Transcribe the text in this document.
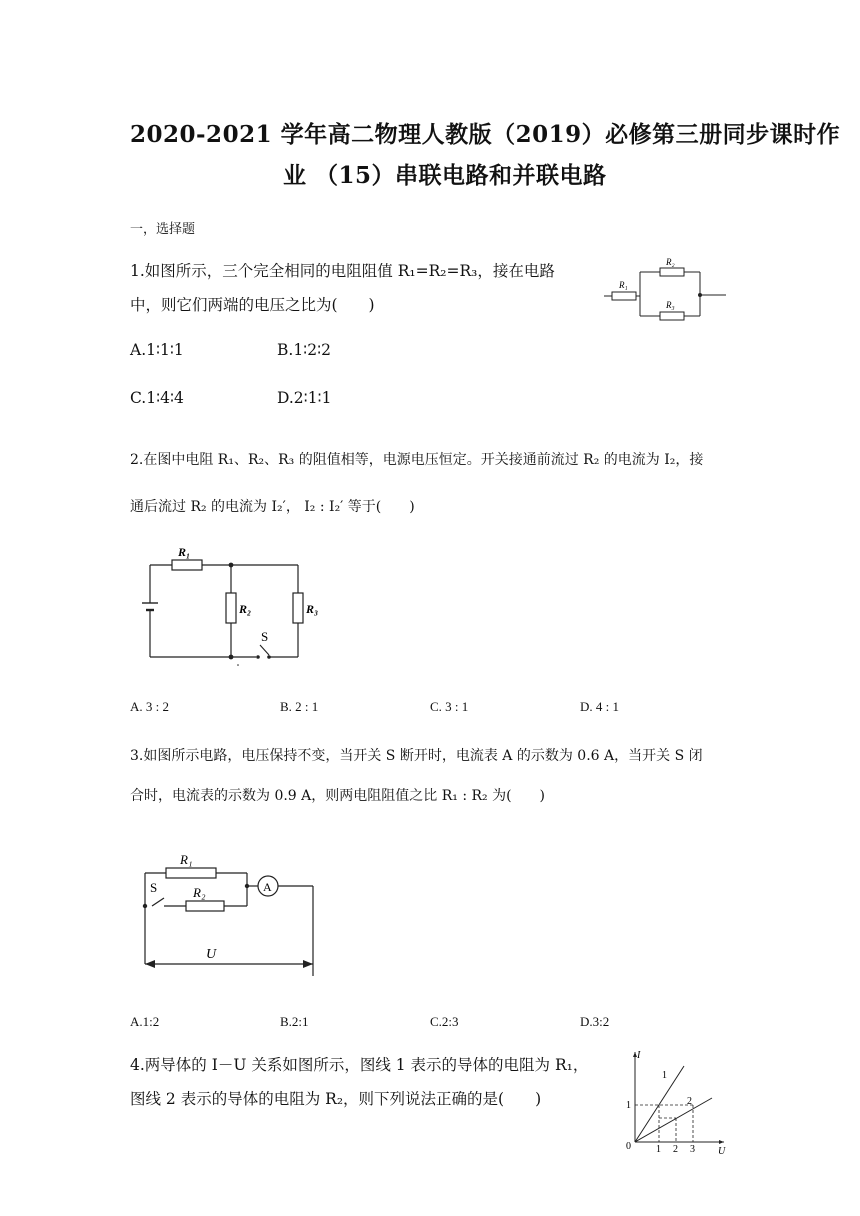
2020-2021 学年高二物理人教版（2019）必修第三册同步课时作
业 （15）串联电路和并联电路
一，选择题
1.如图所示，三个完全相同的电阻阻值 R₁=R₂=R₃，接在电路
中，则它们两端的电压之比为(　　)
R₁
R₂
R₃
A.1∶1∶1	B.1∶2∶2
C.1∶4∶4	D.2∶1∶1
2.在图中电阻 R₁、R₂、R₃ 的阻值相等，电源电压恒定。开关接通前流过 R₂ 的电流为 I₂，接
通后流过 R₂ 的电流为 I₂′， I₂ : I₂′ 等于(　　)
R₁
R₂	R₃
S
A. 3 : 2	B. 2 : 1	C. 3 : 1	D. 4 : 1
3.如图所示电路，电压保持不变，当开关 S 断开时，电流表 A 的示数为 0.6 A，当开关 S 闭
合时，电流表的示数为 0.9 A，则两电阻阻值之比 R₁ : R₂ 为(　　)
R₁
R₂
S	A
U
A.1:2	B.2:1	C.2:3	D.3:2
4.两导体的 I－U 关系如图所示，图线 1 表示的导体的电阻为 R₁，
图线 2 表示的导体的电阻为 R₂，则下列说法正确的是(　　)
I
U
0
1
1 2 3
1
2
